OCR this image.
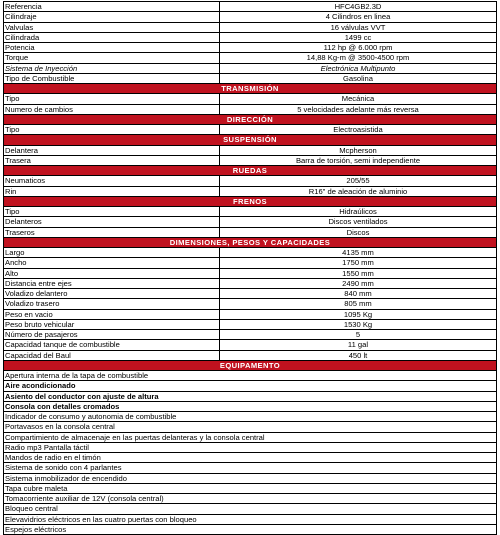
Referencia	HFC4GB2.3D
Cilindraje	4 Cilindros en linea
Valvulas	16 válvulas VVT
Cilindrada	1499 cc
Potencia	112 hp @ 6.000 rpm
Torque	14,88 Kg-m @ 3500-4500 rpm
Sistema de Inyección	Electrónica Multipunto
Tipo de Combustible	Gasolina
TRANSMISIÓN
Tipo	Mecánica
Numero de cambios	5 velocidades adelante más reversa
DIRECCIÓN
Tipo	Electroasistida
SUSPENSIÓN
Delantera	Mcpherson
Trasera	Barra de torsión, semi independiente
RUEDAS
Neumaticos	205/55
Rin	R16" de aleación de aluminio
FRENOS
Tipo	Hidraúlicos
Delanteros	Discos ventilados
Traseros	Discos
DIMENSIONES, PESOS Y CAPACIDADES
Largo	4135 mm
Ancho	1750 mm
Alto	1550 mm
Distancia entre ejes	2490 mm
Voladizo delantero	840 mm
Voladizo trasero	805 mm
Peso en vacio	1095 Kg
Peso bruto vehicular	1530 Kg
Número de pasajeros	5
Capacidad tanque de combustible	11 gal
Capacidad del Baul	450 lt
EQUIPAMENTO
Apertura interna de la tapa de combustible
Aire acondicionado
Asiento del conductor con ajuste de altura
Consola con detalles cromados
Indicador de consumo y autonomia de combustible
Portavasos en la consola central
Compartimiento de almacenaje en las puertas delanteras y la consola central
Radio mp3 Pantalla táctil
Mandos de radio en el timón
Sistema de sonido con 4 parlantes
Sistema inmobilizador de encendido
Tapa cubre maleta
Tomacorriente auxiliar de 12V (consola central)
Bloqueo central
Elevavidrios eléctricos en las cuatro puertas con bloqueo
Espejos eléctricos
